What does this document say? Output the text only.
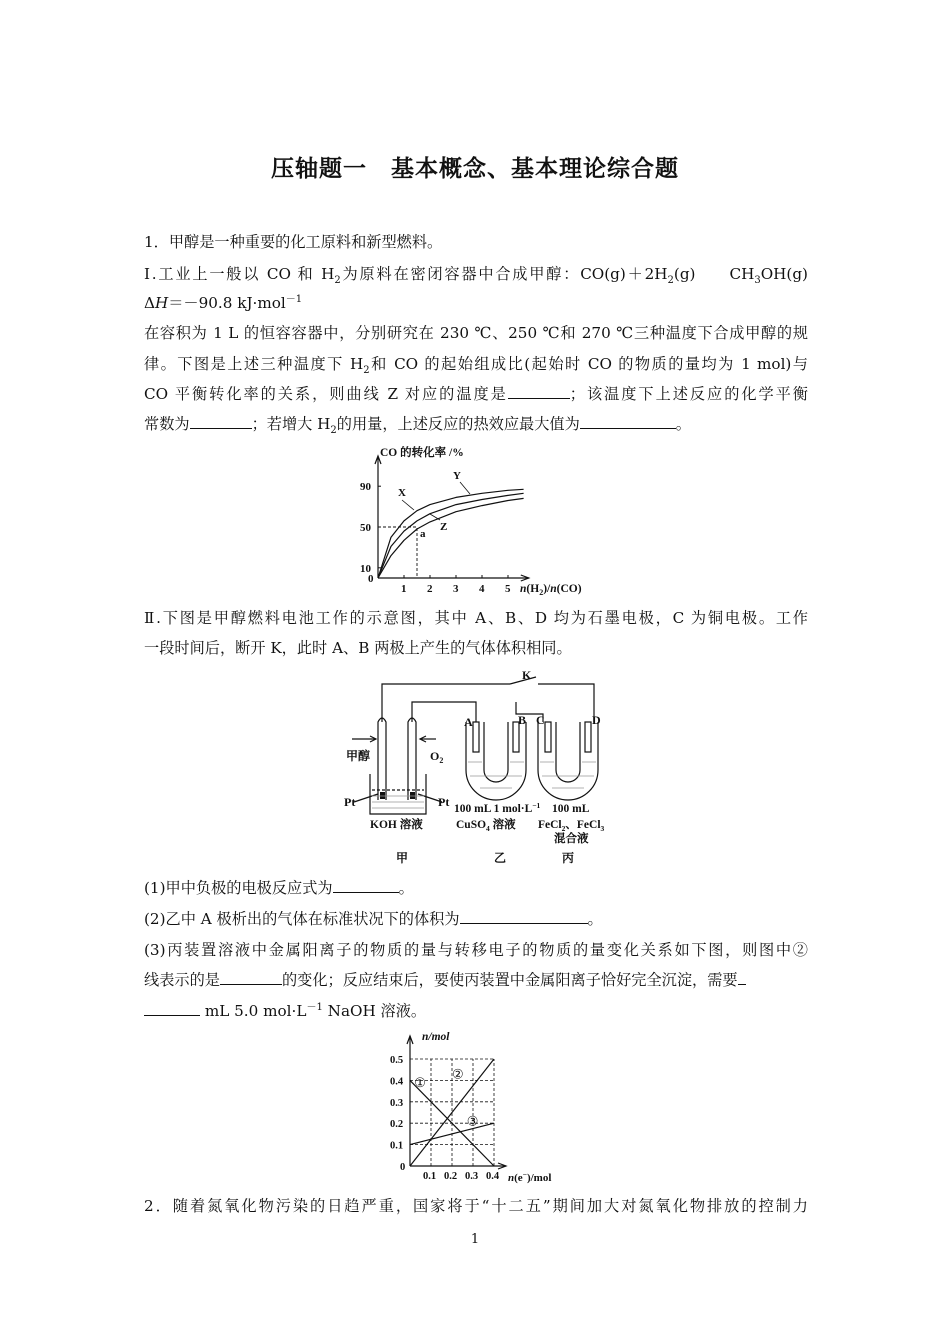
压轴题一　基本概念、基本理论综合题
1．甲醇是一种重要的化工原料和新型燃料。
Ⅰ.工业上一般以 CO 和 $H_2$为原料在密闭容器中合成甲醇：$CO(g)+2H_2(g)$ $CH_3OH(g)$
ΔH＝－90.8 kJ·mol$^{-1}$
在容积为 1 L 的恒容容器中，分别研究在 230 ℃、250 ℃和 270 ℃三种温度下合成甲醇的规
律。下图是上述三种温度下 $H_2$和 CO 的起始组成比(起始时 CO 的物质的量均为 1 mol)与
CO 平衡转化率的关系，则曲线 Z 对应的温度是	；该温度下上述反应的化学平衡
常数为	；若增大 $H_2$的用量，上述反应的热效应最大值为	。
1 2 3 4 5
90
50
10
0
a
X
Y
Z
CO 的转化率 /%
$n(H_2)/n(CO)$
Ⅱ.下图是甲醇燃料电池工作的示意图，其中 A、B、D 均为石墨电极，C 为铜电极。工作
一段时间后，断开 K，此时 A、B 两极上产生的气体体积相同。
K
A	B C	D
甲醇	$O_2$
Pt	Pt
KOH 溶液
100 mL 1 $mol\cdot L^{-1}$
CuSO$_4$ 溶液
100 mL
FeCl$_2$、FeCl$_3$
混合液
甲	乙	丙
(1)甲中负极的电极反应式为	。
(2)乙中 A 极析出的气体在标准状况下的体积为	。
(3)丙装置溶液中金属阳离子的物质的量与转移电子的物质的量变化关系如下图，则图中②
线表示的是	的变化；反应结束后，要使丙装置中金属阳离子恰好完全沉淀，需要
mL 5.0 $mol\cdot L^{-1}$ NaOH 溶液。
0.1 0.2 0.3 0.4
0.5
0.4
0.3
0.2
0.1
0
①
②
③
n/mol
n(e−)/mol
2．随着氮氧化物污染的日趋严重，国家将于“十二五”期间加大对氮氧化物排放的控制力
1
